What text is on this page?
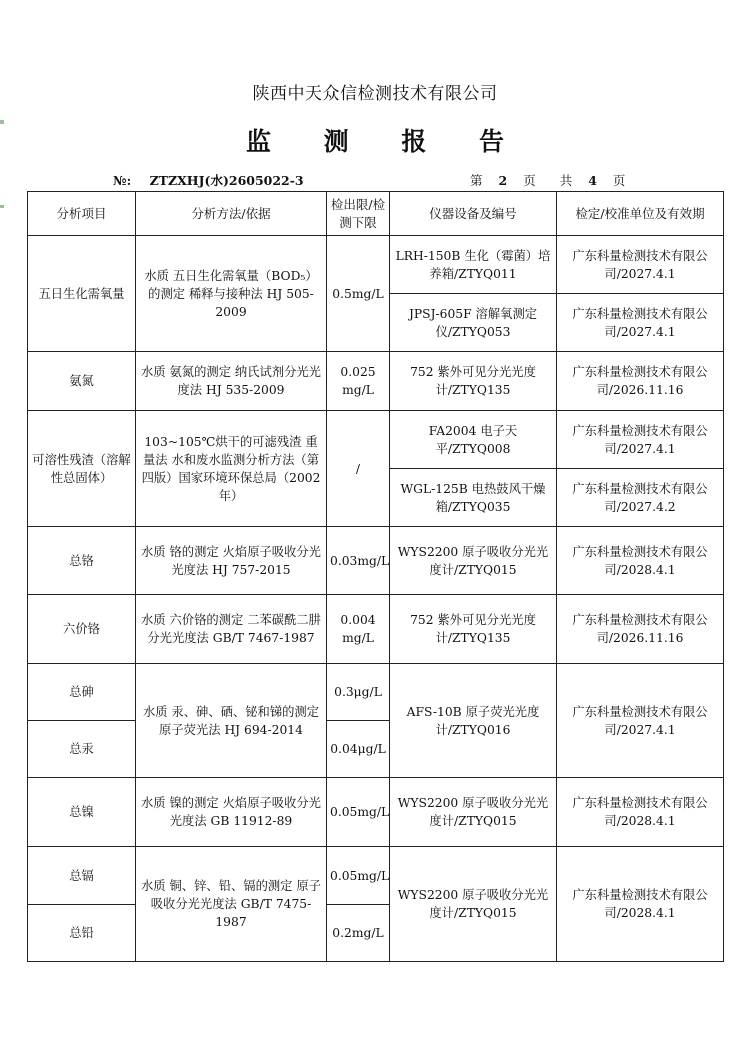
陕西中天众信检测技术有限公司
监 测 报 告
№: ZTZXHJ(水)2605022-3	第 2 页 共 4 页
分析项目	分析方法/依据	检出限/检测下限	仪器设备及编号	检定/校准单位及有效期
五日生化需氧量	水质 五日生化需氧量（BOD₅）的测定 稀释与接种法 HJ 505-2009	0.5mg/L	LRH-150B 生化（霉菌）培养箱/ZTYQ011	广东科量检测技术有限公司/2027.4.1
			JPSJ-605F 溶解氧测定仪/ZTYQ053	广东科量检测技术有限公司/2027.4.1
氨氮	水质 氨氮的测定 纳氏试剂分光光度法 HJ 535-2009	0.025 mg/L	752 紫外可见分光光度计/ZTYQ135	广东科量检测技术有限公司/2026.11.16
可溶性残渣（溶解性总固体）	103~105℃烘干的可滤残渣 重量法 水和废水监测分析方法（第四版）国家环境环保总局（2002 年）	/	FA2004 电子天平/ZTYQ008	广东科量检测技术有限公司/2027.4.1
			WGL-125B 电热鼓风干燥箱/ZTYQ035	广东科量检测技术有限公司/2027.4.2
总铬	水质 铬的测定 火焰原子吸收分光光度法 HJ 757-2015	0.03mg/L	WYS2200 原子吸收分光光度计/ZTYQ015	广东科量检测技术有限公司/2028.4.1
六价铬	水质 六价铬的测定 二苯碳酰二肼分光光度法 GB/T 7467-1987	0.004 mg/L	752 紫外可见分光光度计/ZTYQ135	广东科量检测技术有限公司/2026.11.16
总砷	水质 汞、砷、硒、铋和锑的测定 原子荧光法 HJ 694-2014	0.3μg/L	AFS-10B 原子荧光光度计/ZTYQ016	广东科量检测技术有限公司/2027.4.1
总汞		0.04μg/L		
总镍	水质 镍的测定 火焰原子吸收分光光度法 GB 11912-89	0.05mg/L	WYS2200 原子吸收分光光度计/ZTYQ015	广东科量检测技术有限公司/2028.4.1
总镉	水质 铜、锌、铅、镉的测定 原子吸收分光光度法 GB/T 7475-1987	0.05mg/L	WYS2200 原子吸收分光光度计/ZTYQ015	广东科量检测技术有限公司/2028.4.1
总铅		0.2mg/L		
